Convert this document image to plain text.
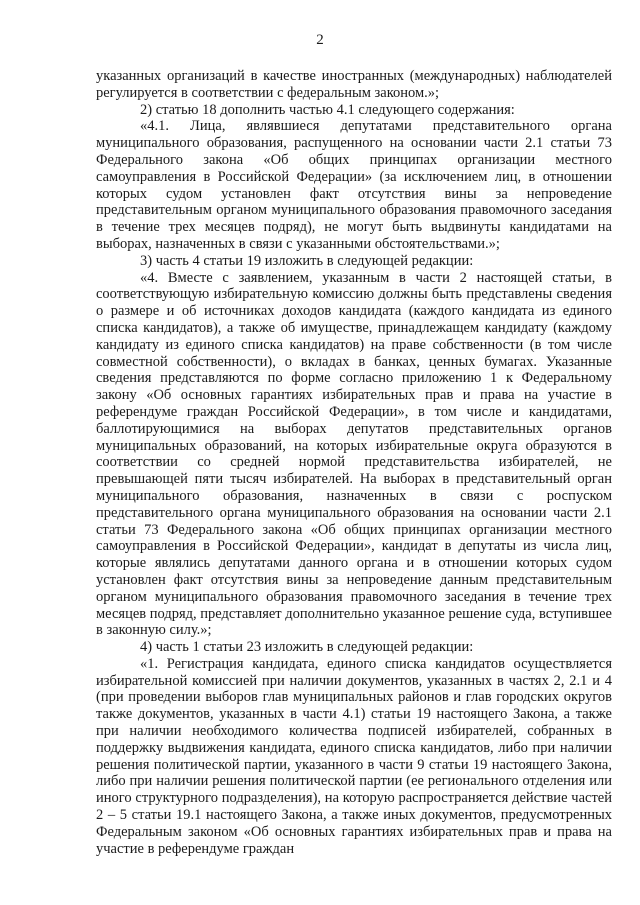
2

указанных организаций в качестве иностранных (международных) наблюдателей регулируется в соответствии с федеральным законом.»;

2) статью 18 дополнить частью 4.1 следующего содержания:

«4.1. Лица, являвшиеся депутатами представительного органа муниципального образования, распущенного на основании части 2.1 статьи 73 Федерального закона «Об общих принципах организации местного самоуправления в Российской Федерации» (за исключением лиц, в отношении которых судом установлен факт отсутствия вины за непроведение представительным органом муниципального образования правомочного заседания в течение трех месяцев подряд), не могут быть выдвинуты кандидатами на выборах, назначенных в связи с указанными обстоятельствами.»;

3) часть 4 статьи 19 изложить в следующей редакции:

«4. Вместе с заявлением, указанным в части 2 настоящей статьи, в соответствующую избирательную комиссию должны быть представлены сведения о размере и об источниках доходов кандидата (каждого кандидата из единого списка кандидатов), а также об имуществе, принадлежащем кандидату (каждому кандидату из единого списка кандидатов) на праве собственности (в том числе совместной собственности), о вкладах в банках, ценных бумагах. Указанные сведения представляются по форме согласно приложению 1 к Федеральному закону «Об основных гарантиях избирательных прав и права на участие в референдуме граждан Российской Федерации», в том числе и кандидатами, баллотирующимися на выборах депутатов представительных органов муниципальных образований, на которых избирательные округа образуются в соответствии со средней нормой представительства избирателей, не превышающей пяти тысяч избирателей. На выборах в представительный орган муниципального образования, назначенных в связи с роспуском представительного органа муниципального образования на основании части 2.1 статьи 73 Федерального закона «Об общих принципах организации местного самоуправления в Российской Федерации», кандидат в депутаты из числа лиц, которые являлись депутатами данного органа и в отношении которых судом установлен факт отсутствия вины за непроведение данным представительным органом муниципального образования правомочного заседания в течение трех месяцев подряд, представляет дополнительно указанное решение суда, вступившее в законную силу.»;

4) часть 1 статьи 23 изложить в следующей редакции:

«1. Регистрация кандидата, единого списка кандидатов осуществляется избирательной комиссией при наличии документов, указанных в частях 2, 2.1 и 4 (при проведении выборов глав муниципальных районов и глав городских округов также документов, указанных в части 4.1) статьи 19 настоящего Закона, а также при наличии необходимого количества подписей избирателей, собранных в поддержку выдвижения кандидата, единого списка кандидатов, либо при наличии решения политической партии, указанного в части 9 статьи 19 настоящего Закона, либо при наличии решения политической партии (ее регионального отделения или иного структурного подразделения), на которую распространяется действие частей 2 – 5 статьи 19.1 настоящего Закона, а также иных документов, предусмотренных Федеральным законом «Об основных гарантиях избирательных прав и права на участие в референдуме граждан
